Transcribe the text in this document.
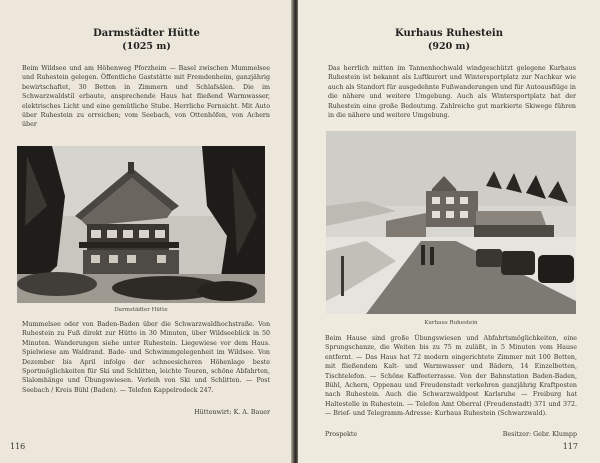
Darmstädter Hütte
(1025 m)

Beim Wildsee und am Höhenweg Pforzheim — Basel zwischen Mummelsee und Ruhestein gelegen. Öffentliche Gaststätte mit Fremdenheim, ganzjährig bewirtschaftet, 30 Betten in Zimmern und Schlafsälen. Die im Schwarzwaldstil erbaute, ansprechende Haus hat fließend Warmwasser, elektrisches Licht und eine gemütliche Stube. Herrliche Fernsicht. Mit Auto über Ruhestein zu erreichen; vom Seebach, von Ottenhöfen, von Achern über

Darmstädter Hütte

Mummelsee oder von Baden-Baden über die Schwarzwaldhochstraße. Von Ruhestein zu Fuß direkt zur Hütte in 30 Minuten, über Wildseeblick in 50 Minuten. Wanderungen siehe unter Ruhestein. Liegewiese vor dem Haus. Spielwiese am Waldrand. Bade- und Schwimmgelegenheit im Wildsee. Von Dezember bis April infolge der schneesicheren Höhenlage beste Sportmöglichkeiten für Ski und Schlitten, leichte Touren, schöne Abfahrten, Slalomhänge und Übungswiesen. Verleih von Ski und Schlitten. — Post Seebach / Kreis Bühl (Baden). — Telefon Kappelrodeck 247.

Hüttenwirt: K. A. Bauer
116
Kurhaus Ruhestein
(920 m)

Das herrlich mitten im Tannenhochwald windgeschützt gelegene Kurhaus Ruhestein ist bekannt als Luftkurort und Wintersportplatz zur Nachkur wie auch als Standort für ausgedehnte Fußwanderungen und für Autoausflüge in die nähere und weitere Umgebung. Auch als Wintersportplatz hat der Ruhestein eine große Bedeutung. Zahlreiche gut markierte Skiwege führen in die nähere und weitere Umgebung.

Kurhaus Ruhestein

Beim Hause sind große Übungswiesen und Abfahrtsmöglichkeiten, eine Sprungschanze, die Weiten bis zu 75 m zuläßt, in 5 Minuten vom Hause entfernt. — Das Haus hat 72 modern eingerichtete Zimmer mit 100 Betten, mit fließendem Kalt- und Warmwasser und Bädern, 14 Einzelbetten, Tischtelefon. — Schöne Kaffeeterrasse. Von der Bahnstation Baden-Baden, Bühl, Achern, Oppenau und Freudenstadt verkehren ganzjährig Kraftposten nach Ruhestein. Auch die Schwarzwaldpost Karlsruhe — Freiburg hat Haltestelle in Ruhestein. — Telefon Amt Oberral (Freudenstadt) 371 und 372. — Brief- und Telegramm-Adresse: Kurhaus Ruhestein (Schwarzwald).

Prospekte	Besitzer: Gebr. Klumpp
117
